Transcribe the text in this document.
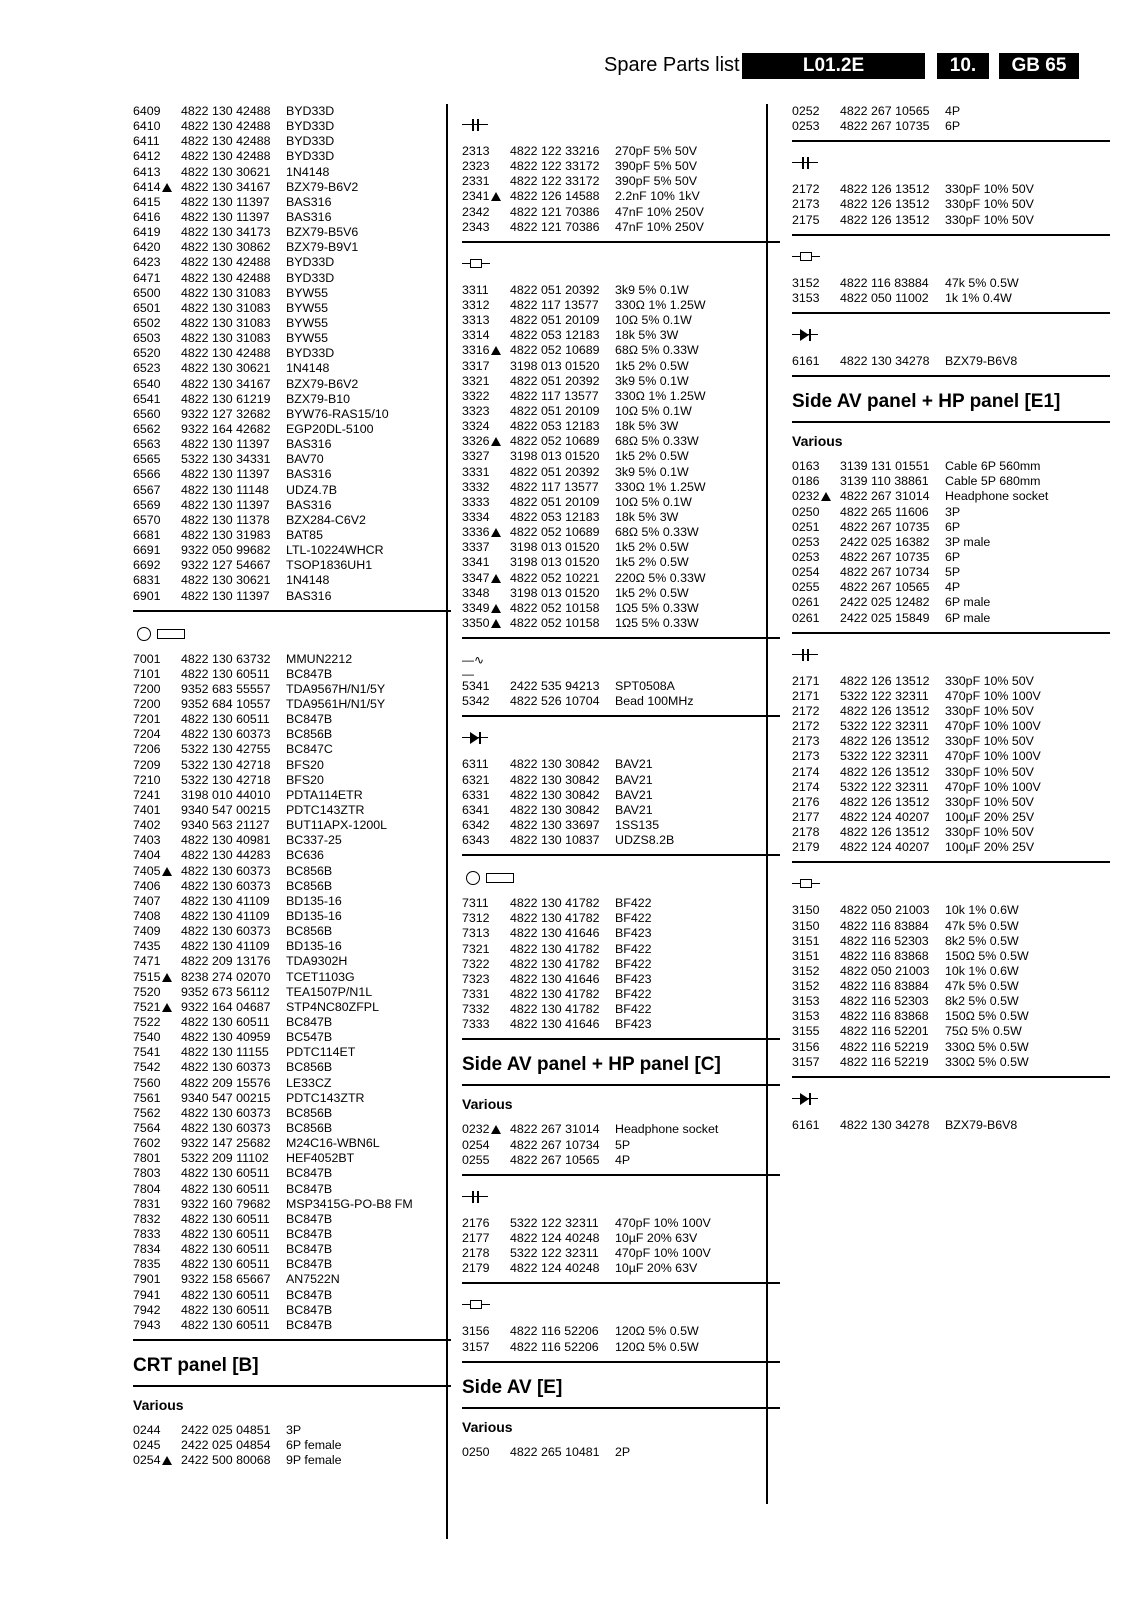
Spare Parts list	L01.2E	10.	GB 65
6409 4822 130 42488 BYD33D
6410 4822 130 42488 BYD33D
6411 4822 130 42488 BYD33D
6412 4822 130 42488 BYD33D
6413 4822 130 30621 1N4148
6414 4822 130 34167 BZX79-B6V2
6415 4822 130 11397 BAS316
6416 4822 130 11397 BAS316
6419 4822 130 34173 BZX79-B5V6
6420 4822 130 30862 BZX79-B9V1
6423 4822 130 42488 BYD33D
6471 4822 130 42488 BYD33D
6500 4822 130 31083 BYW55
6501 4822 130 31083 BYW55
6502 4822 130 31083 BYW55
6503 4822 130 31083 BYW55
6520 4822 130 42488 BYD33D
6523 4822 130 30621 1N4148
6540 4822 130 34167 BZX79-B6V2
6541 4822 130 61219 BZX79-B10
6560 9322 127 32682 BYW76-RAS15/10
6562 9322 164 42682 EGP20DL-5100
6563 4822 130 11397 BAS316
6565 5322 130 34331 BAV70
6566 4822 130 11397 BAS316
6567 4822 130 11148 UDZ4.7B
6569 4822 130 11397 BAS316
6570 4822 130 11378 BZX284-C6V2
6681 4822 130 31983 BAT85
6691 9322 050 99682 LTL-10224WHCR
6692 9322 127 54667 TSOP1836UH1
6831 4822 130 30621 1N4148
6901 4822 130 11397 BAS316
7001 4822 130 63732 MMUN2212
7101 4822 130 60511 BC847B
7200 9352 683 55557 TDA9567H/N1/5Y
7200 9352 684 10557 TDA9561H/N1/5Y
7201 4822 130 60511 BC847B
7204 4822 130 60373 BC856B
7206 5322 130 42755 BC847C
7209 5322 130 42718 BFS20
7210 5322 130 42718 BFS20
7241 3198 010 44010 PDTA114ETR
7401 9340 547 00215 PDTC143ZTR
7402 9340 563 21127 BUT11APX-1200L
7403 4822 130 40981 BC337-25
7404 4822 130 44283 BC636
7405 4822 130 60373 BC856B
7406 4822 130 60373 BC856B
7407 4822 130 41109 BD135-16
7408 4822 130 41109 BD135-16
7409 4822 130 60373 BC856B
7435 4822 130 41109 BD135-16
7471 4822 209 13176 TDA9302H
7515 8238 274 02070 TCET1103G
7520 9352 673 56112 TEA1507P/N1L
7521 9322 164 04687 STP4NC80ZFPL
7522 4822 130 60511 BC847B
7540 4822 130 40959 BC547B
7541 4822 130 11155 PDTC114ET
7542 4822 130 60373 BC856B
7560 4822 209 15576 LE33CZ
7561 9340 547 00215 PDTC143ZTR
7562 4822 130 60373 BC856B
7564 4822 130 60373 BC856B
7602 9322 147 25682 M24C16-WBN6L
7801 5322 209 11102 HEF4052BT
7803 4822 130 60511 BC847B
7804 4822 130 60511 BC847B
7831 9322 160 79682 MSP3415G-PO-B8 FM
7832 4822 130 60511 BC847B
7833 4822 130 60511 BC847B
7834 4822 130 60511 BC847B
7835 4822 130 60511 BC847B
7901 9322 158 65667 AN7522N
7941 4822 130 60511 BC847B
7942 4822 130 60511 BC847B
7943 4822 130 60511 BC847B
CRT panel [B]
Various
0244 2422 025 04851 3P
0245 2422 025 04854 6P female
0254 2422 500 80068 9P female
2313 4822 122 33216 270pF 5% 50V
2323 4822 122 33172 390pF 5% 50V
2331 4822 122 33172 390pF 5% 50V
2341 4822 126 14588 2.2nF 10% 1kV
2342 4822 121 70386 47nF 10% 250V
2343 4822 121 70386 47nF 10% 250V
3311 4822 051 20392 3k9 5% 0.1W
3312 4822 117 13577 330Ω 1% 1.25W
3313 4822 051 20109 10Ω 5% 0.1W
3314 4822 053 12183 18k 5% 3W
3316 4822 052 10689 68Ω 5% 0.33W
3317 3198 013 01520 1k5 2% 0.5W
3321 4822 051 20392 3k9 5% 0.1W
3322 4822 117 13577 330Ω 1% 1.25W
3323 4822 051 20109 10Ω 5% 0.1W
3324 4822 053 12183 18k 5% 3W
3326 4822 052 10689 68Ω 5% 0.33W
3327 3198 013 01520 1k5 2% 0.5W
3331 4822 051 20392 3k9 5% 0.1W
3332 4822 117 13577 330Ω 1% 1.25W
3333 4822 051 20109 10Ω 5% 0.1W
3334 4822 053 12183 18k 5% 3W
3336 4822 052 10689 68Ω 5% 0.33W
3337 3198 013 01520 1k5 2% 0.5W
3341 3198 013 01520 1k5 2% 0.5W
3347 4822 052 10221 220Ω 5% 0.33W
3348 3198 013 01520 1k5 2% 0.5W
3349 4822 052 10158 1Ω5 5% 0.33W
3350 4822 052 10158 1Ω5 5% 0.33W
—∿—
5341 2422 535 94213 SPT0508A
5342 4822 526 10704 Bead 100MHz
6311 4822 130 30842 BAV21
6321 4822 130 30842 BAV21
6331 4822 130 30842 BAV21
6341 4822 130 30842 BAV21
6342 4822 130 33697 1SS135
6343 4822 130 10837 UDZS8.2B
7311 4822 130 41782 BF422
7312 4822 130 41782 BF422
7313 4822 130 41646 BF423
7321 4822 130 41782 BF422
7322 4822 130 41782 BF422
7323 4822 130 41646 BF423
7331 4822 130 41782 BF422
7332 4822 130 41782 BF422
7333 4822 130 41646 BF423
Side AV panel + HP panel [C]
Various
0232 4822 267 31014 Headphone socket
0254 4822 267 10734 5P
0255 4822 267 10565 4P
2176 5322 122 32311 470pF 10% 100V
2177 4822 124 40248 10µF 20% 63V
2178 5322 122 32311 470pF 10% 100V
2179 4822 124 40248 10µF 20% 63V
3156 4822 116 52206 120Ω 5% 0.5W
3157 4822 116 52206 120Ω 5% 0.5W
Side AV [E]
Various
0250 4822 265 10481 2P
0252 4822 267 10565 4P
0253 4822 267 10735 6P
2172 4822 126 13512 330pF 10% 50V
2173 4822 126 13512 330pF 10% 50V
2175 4822 126 13512 330pF 10% 50V
3152 4822 116 83884 47k 5% 0.5W
3153 4822 050 11002 1k 1% 0.4W
6161 4822 130 34278 BZX79-B6V8
Side AV panel + HP panel [E1]
Various
0163 3139 131 01551 Cable 6P 560mm
0186 3139 110 38861 Cable 5P 680mm
0232 4822 267 31014 Headphone socket
0250 4822 265 11606 3P
0251 4822 267 10735 6P
0253 2422 025 16382 3P male
0253 4822 267 10735 6P
0254 4822 267 10734 5P
0255 4822 267 10565 4P
0261 2422 025 12482 6P male
0261 2422 025 15849 6P male
2171 4822 126 13512 330pF 10% 50V
2171 5322 122 32311 470pF 10% 100V
2172 4822 126 13512 330pF 10% 50V
2172 5322 122 32311 470pF 10% 100V
2173 4822 126 13512 330pF 10% 50V
2173 5322 122 32311 470pF 10% 100V
2174 4822 126 13512 330pF 10% 50V
2174 5322 122 32311 470pF 10% 100V
2176 4822 126 13512 330pF 10% 50V
2177 4822 124 40207 100µF 20% 25V
2178 4822 126 13512 330pF 10% 50V
2179 4822 124 40207 100µF 20% 25V
3150 4822 050 21003 10k 1% 0.6W
3150 4822 116 83884 47k 5% 0.5W
3151 4822 116 52303 8k2 5% 0.5W
3151 4822 116 83868 150Ω 5% 0.5W
3152 4822 050 21003 10k 1% 0.6W
3152 4822 116 83884 47k 5% 0.5W
3153 4822 116 52303 8k2 5% 0.5W
3153 4822 116 83868 150Ω 5% 0.5W
3155 4822 116 52201 75Ω 5% 0.5W
3156 4822 116 52219 330Ω 5% 0.5W
3157 4822 116 52219 330Ω 5% 0.5W
6161 4822 130 34278 BZX79-B6V8
